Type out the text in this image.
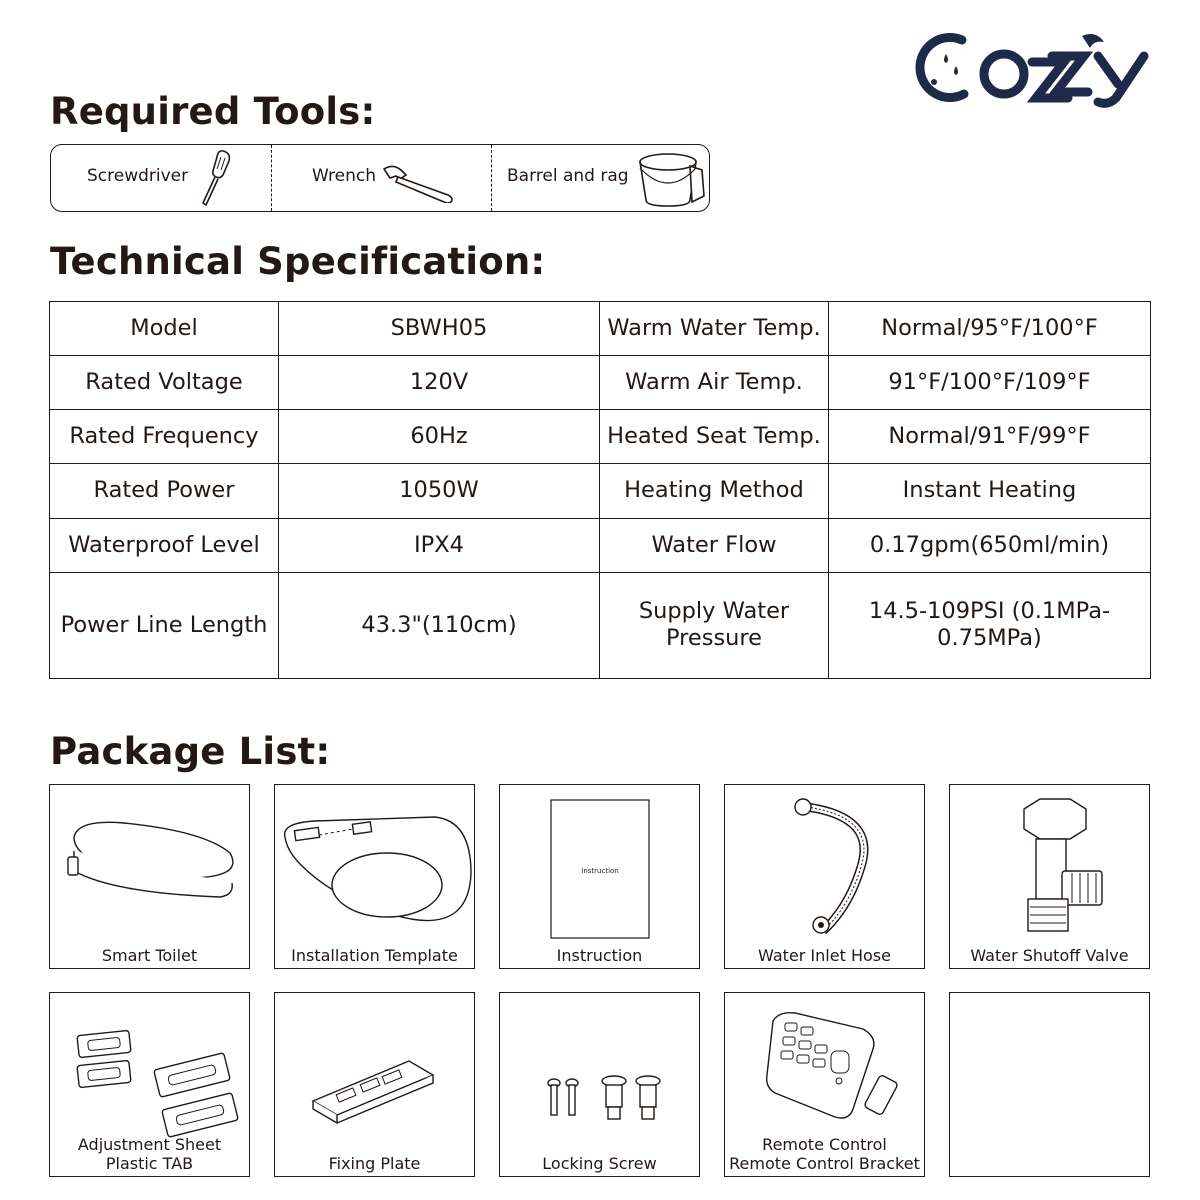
Required Tools:
Technical Specification:
Package List:
Screwdriver	Wrench	Barrel and rag
Model	SBWH05	Warm Water Temp.	Normal/95°F/100°F
Rated Voltage	120V	Warm Air Temp.	91°F/100°F/109°F
Rated Frequency	60Hz	Heated Seat Temp.	Normal/91°F/99°F
Rated Power	1050W	Heating Method	Instant Heating
Waterproof Level	IPX4	Water Flow	0.17gpm(650ml/min)
Power Line Length	43.3"(110cm)	Supply Water Pressure	14.5-109PSI (0.1MPa-0.75MPa)
Smart Toilet	Installation Template
Instruction
Instruction	Water Inlet Hose	Water Shutoff Valve
Adjustment Sheet
Plastic TAB	Fixing Plate	Locking Screw
Remote Control
Remote Control Bracket
